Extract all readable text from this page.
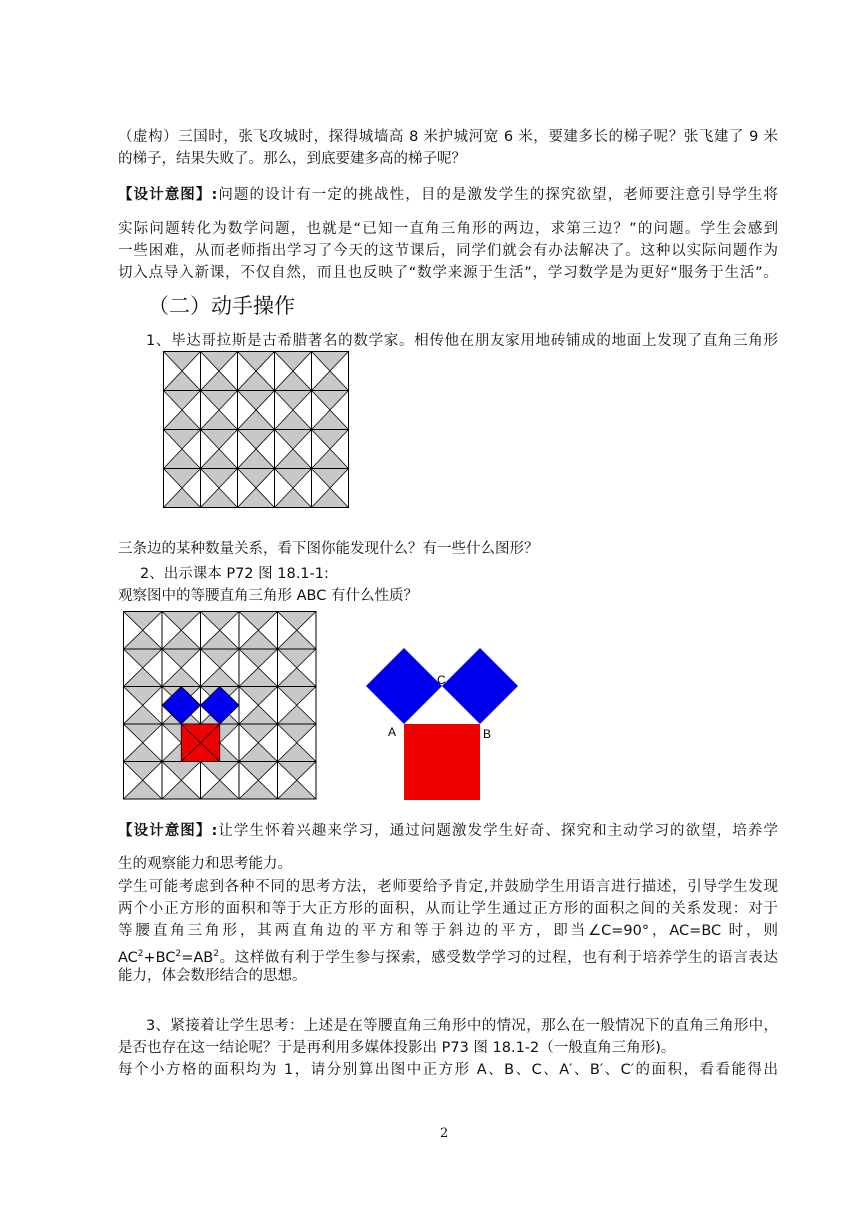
（虚构）三国时，张飞攻城时，探得城墙高 8 米护城河宽 6 米，要建多长的梯子呢？张飞建了 9 米
的梯子，结果失败了。那么，到底要建多高的梯子呢？
【设计意图】:问题的设计有一定的挑战性，目的是激发学生的探究欲望，老师要注意引导学生将
实际问题转化为数学问题，也就是“已知一直角三角形的两边，求第三边？”的问题。学生会感到
一些困难，从而老师指出学习了今天的这节课后，同学们就会有办法解决了。这种以实际问题作为
切入点导入新课，不仅自然，而且也反映了“数学来源于生活”，学习数学是为更好“服务于生活”。
（二）动手操作
1、毕达哥拉斯是古希腊著名的数学家。相传他在朋友家用地砖铺成的地面上发现了直角三角形
三条边的某种数量关系，看下图你能发现什么？有一些什么图形？
2、出示课本 P72 图 18.1-1:
观察图中的等腰直角三角形 ABC 有什么性质？
C
A	B
【设计意图】:让学生怀着兴趣来学习，通过问题激发学生好奇、探究和主动学习的欲望，培养学
生的观察能力和思考能力。
学生可能考虑到各种不同的思考方法，老师要给予肯定,并鼓励学生用语言进行描述，引导学生发现
两个小正方形的面积和等于大正方形的面积，从而让学生通过正方形的面积之间的关系发现：对于
等腰直角三角形，其两直角边的平方和等于斜边的平方，即当∠C=90°，AC=BC 时，则
$AC^2+BC^2=AB^2$。这样做有利于学生参与探索，感受数学学习的过程，也有利于培养学生的语言表达
能力，体会数形结合的思想。
3、紧接着让学生思考：上述是在等腰直角三角形中的情况，那么在一般情况下的直角三角形中，
是否也存在这一结论呢？于是再利用多媒体投影出 P73 图 18.1-2（一般直角三角形)。
每个小方格的面积均为 1，请分别算出图中正方形 A、B、C、A′、B′、C′的面积，看看能得出
2
